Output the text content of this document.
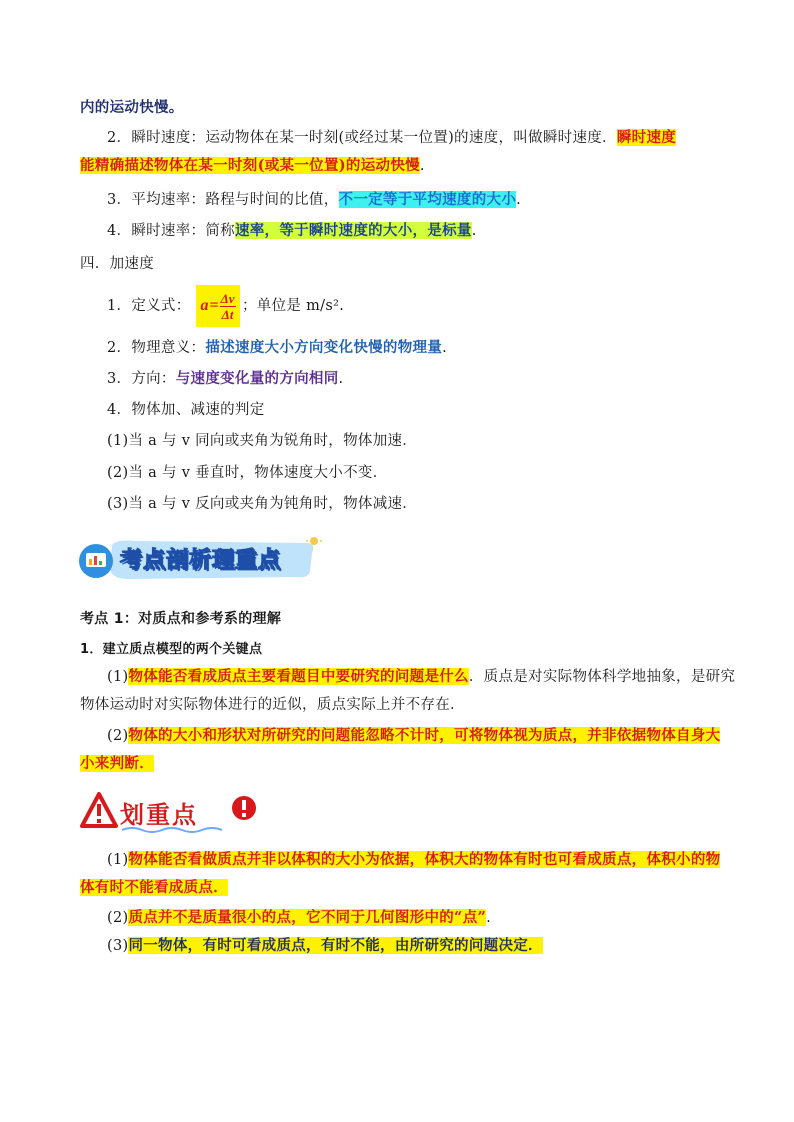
内的运动快慢。
2．瞬时速度：运动物体在某一时刻(或经过某一位置)的速度，叫做瞬时速度．瞬时速度
能精确描述物体在某一时刻(或某一位置)的运动快慢.
3．平均速率：路程与时间的比值，不一定等于平均速度的大小.
4．瞬时速率：简称速率，等于瞬时速度的大小，是标量.
四．加速度
1．定义式： $a = \frac{\Delta v}{\Delta t}$ ；单位是 m/s².
2．物理意义：描述速度大小方向变化快慢的物理量.
3．方向：与速度变化量的方向相同.
4．物体加、减速的判定
(1)当 a 与 v 同向或夹角为锐角时，物体加速．
(2)当 a 与 v 垂直时，物体速度大小不变．
(3)当 a 与 v 反向或夹角为钝角时，物体减速．
考点剖析理重点
考点 1：对质点和参考系的理解
1．建立质点模型的两个关键点
(1)物体能否看成质点主要看题目中要研究的问题是什么．质点是对实际物体科学地抽象，是研究
物体运动时对实际物体进行的近似，质点实际上并不存在．
(2)物体的大小和形状对所研究的问题能忽略不计时，可将物体视为质点，并非依据物体自身大
小来判断．
划重点
(1)物体能否看做质点并非以体积的大小为依据，体积大的物体有时也可看成质点，体积小的物
体有时不能看成质点．
(2)质点并不是质量很小的点，它不同于几何图形中的“点”.
(3)同一物体，有时可看成质点，有时不能，由所研究的问题决定．
